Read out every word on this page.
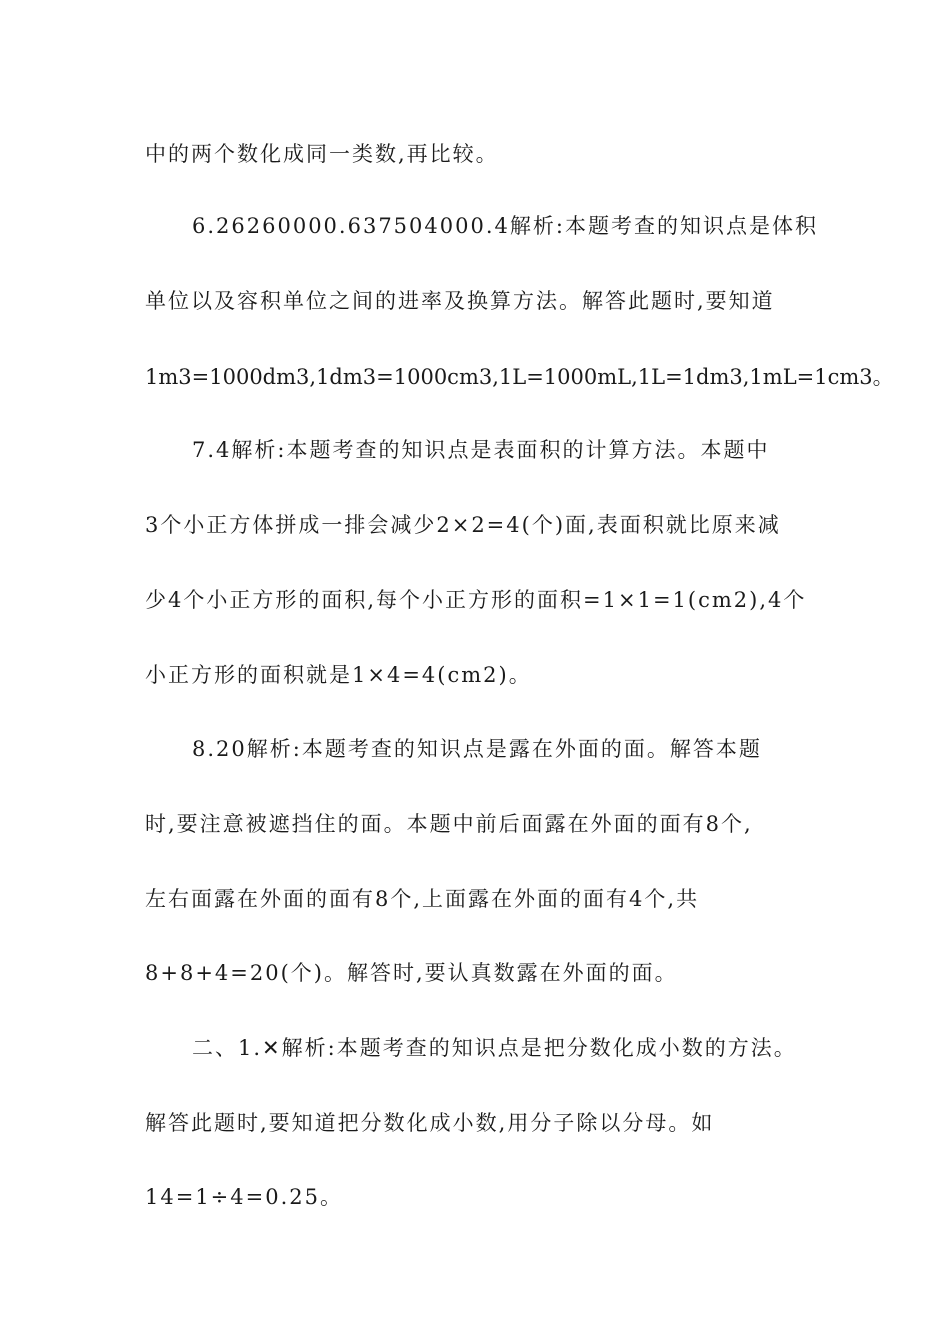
中的两个数化成同一类数,再比较。
6.26260000.637504000.4解析:本题考查的知识点是体积
单位以及容积单位之间的进率及换算方法。解答此题时,要知道
1m3=1000dm3,1dm3=1000cm3,1L=1000mL,1L=1dm3,1mL=1cm3。
7.4解析:本题考查的知识点是表面积的计算方法。本题中
3个小正方体拼成一排会减少2×2=4(个)面,表面积就比原来减
少4个小正方形的面积,每个小正方形的面积=1×1=1(cm2),4个
小正方形的面积就是1×4=4(cm2)。
8.20解析:本题考查的知识点是露在外面的面。解答本题
时,要注意被遮挡住的面。本题中前后面露在外面的面有8个,
左右面露在外面的面有8个,上面露在外面的面有4个,共
8+8+4=20(个)。解答时,要认真数露在外面的面。
二、1.✕解析:本题考查的知识点是把分数化成小数的方法。
解答此题时,要知道把分数化成小数,用分子除以分母。如
14=1÷4=0.25。
